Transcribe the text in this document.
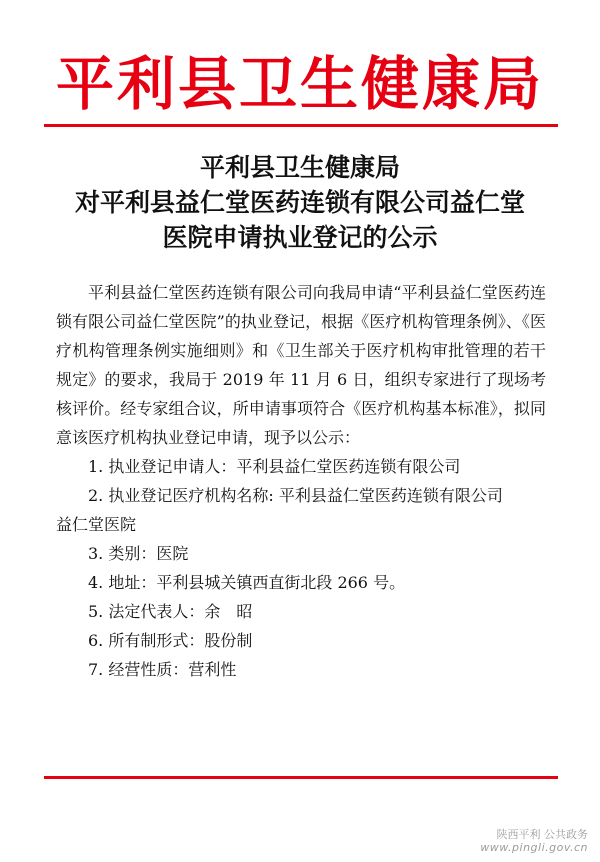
平利县卫生健康局
平利县卫生健康局
对平利县益仁堂医药连锁有限公司益仁堂
医院申请执业登记的公示

平利县益仁堂医药连锁有限公司向我局申请“平利县益仁堂医药连锁有限公司益仁堂医院”的执业登记，根据《医疗机构管理条例》、《医疗机构管理条例实施细则》和《卫生部关于医疗机构审批管理的若干规定》的要求，我局于 2019 年 11 月 6 日，组织专家进行了现场考核评价。经专家组合议，所申请事项符合《医疗机构基本标准》，拟同意该医疗机构执业登记申请，现予以公示：

1. 执业登记申请人：平利县益仁堂医药连锁有限公司

2. 执业登记医疗机构名称: 平利县益仁堂医药连锁有限公司

益仁堂医院

3. 类别：医院

4. 地址：平利县城关镇西直街北段 266 号。

5. 法定代表人：余　昭

6. 所有制形式：股份制

7. 经营性质：营利性

陕西平利 公共政务
www.pingli.gov.cn
